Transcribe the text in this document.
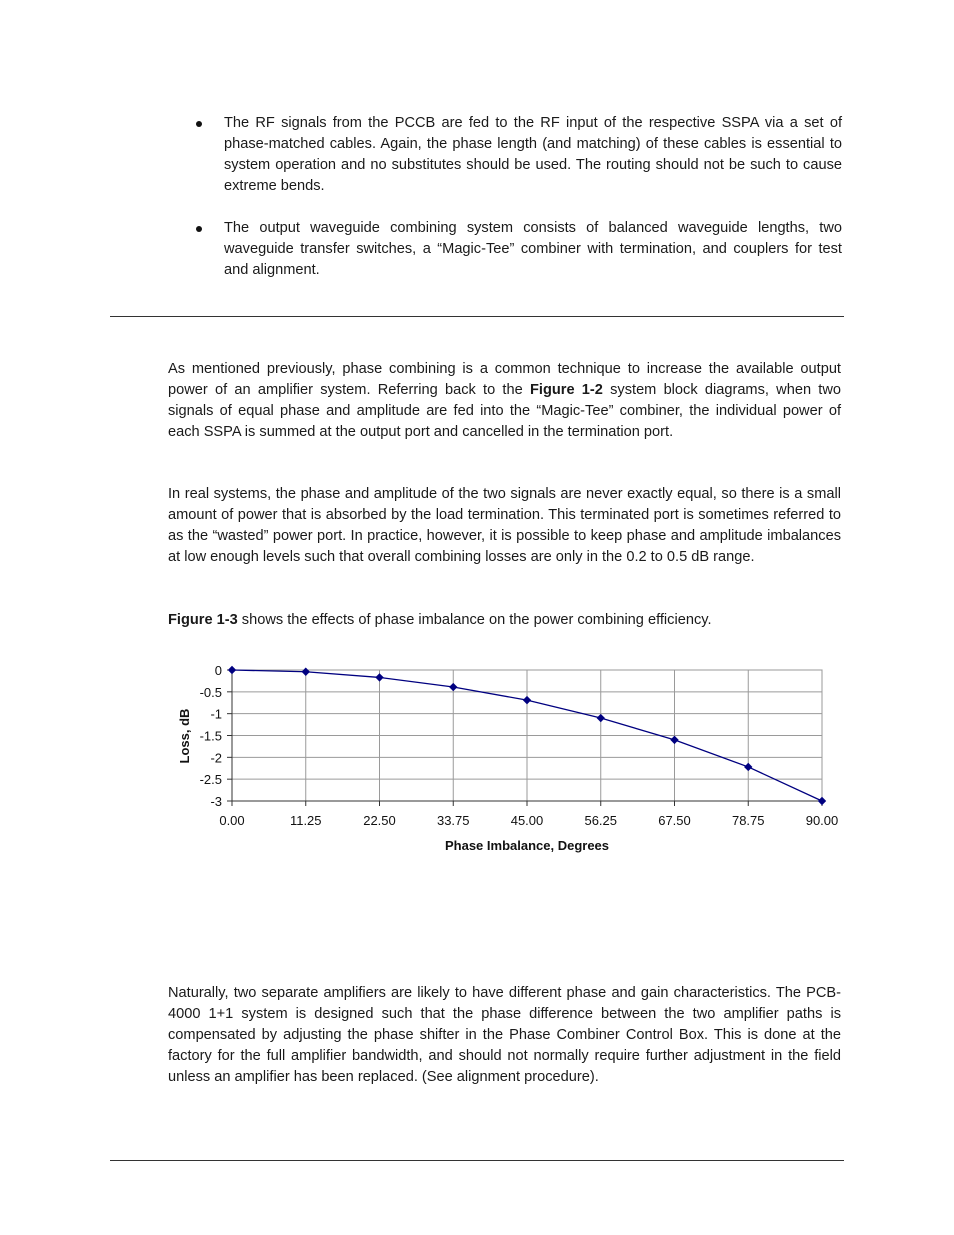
The RF signals from the PCCB are fed to the RF input of the respective SSPA via a set of phase-matched cables. Again, the phase length (and matching) of these cables is essential to system operation and no substitutes should be used. The routing should not be such to cause extreme bends.
The output waveguide combining system consists of balanced waveguide lengths, two waveguide transfer switches, a “Magic-Tee” combiner with termination, and couplers for test and alignment.

As mentioned previously, phase combining is a common technique to increase the available output power of an amplifier system. Referring back to the Figure 1-2 system block diagrams, when two signals of equal phase and amplitude are fed into the “Magic-Tee” combiner, the individual power of each SSPA is summed at the output port and cancelled in the termination port.

In real systems, the phase and amplitude of the two signals are never exactly equal, so there is a small amount of power that is absorbed by the load termination. This terminated port is sometimes referred to as the “wasted” power port. In practice, however, it is possible to keep phase and amplitude imbalances at low enough levels such that overall combining losses are only in the 0.2 to 0.5 dB range.

Figure 1-3 shows the effects of phase imbalance on the power combining efficiency.

0
-0.5
-1
-1.5
-2
-2.5
-3
0.00	11.25	22.50	33.75	45.00	56.25	67.50	78.75	90.00
Phase Imbalance, Degrees
Loss, dB

Naturally, two separate amplifiers are likely to have different phase and gain characteristics. The PCB-4000 1+1 system is designed such that the phase difference between the two amplifier paths is compensated by adjusting the phase shifter in the Phase Combiner Control Box. This is done at the factory for the full amplifier bandwidth, and should not normally require further adjustment in the field unless an amplifier has been replaced. (See alignment procedure).
